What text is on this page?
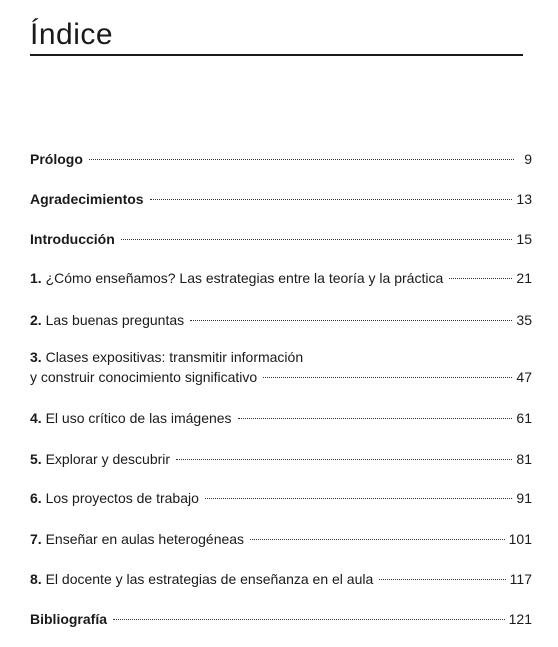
Índice
Prólogo	9
Agradecimientos	13
Introducción	15
1. ¿Cómo enseñamos? Las estrategias entre la teoría y la práctica	21
2. Las buenas preguntas	35
3. Clases expositivas: transmitir información
y construir conocimiento significativo	47
4. El uso crítico de las imágenes	61
5. Explorar y descubrir	81
6. Los proyectos de trabajo	91
7. Enseñar en aulas heterogéneas	101
8. El docente y las estrategias de enseñanza en el aula	117
Bibliografía	121
